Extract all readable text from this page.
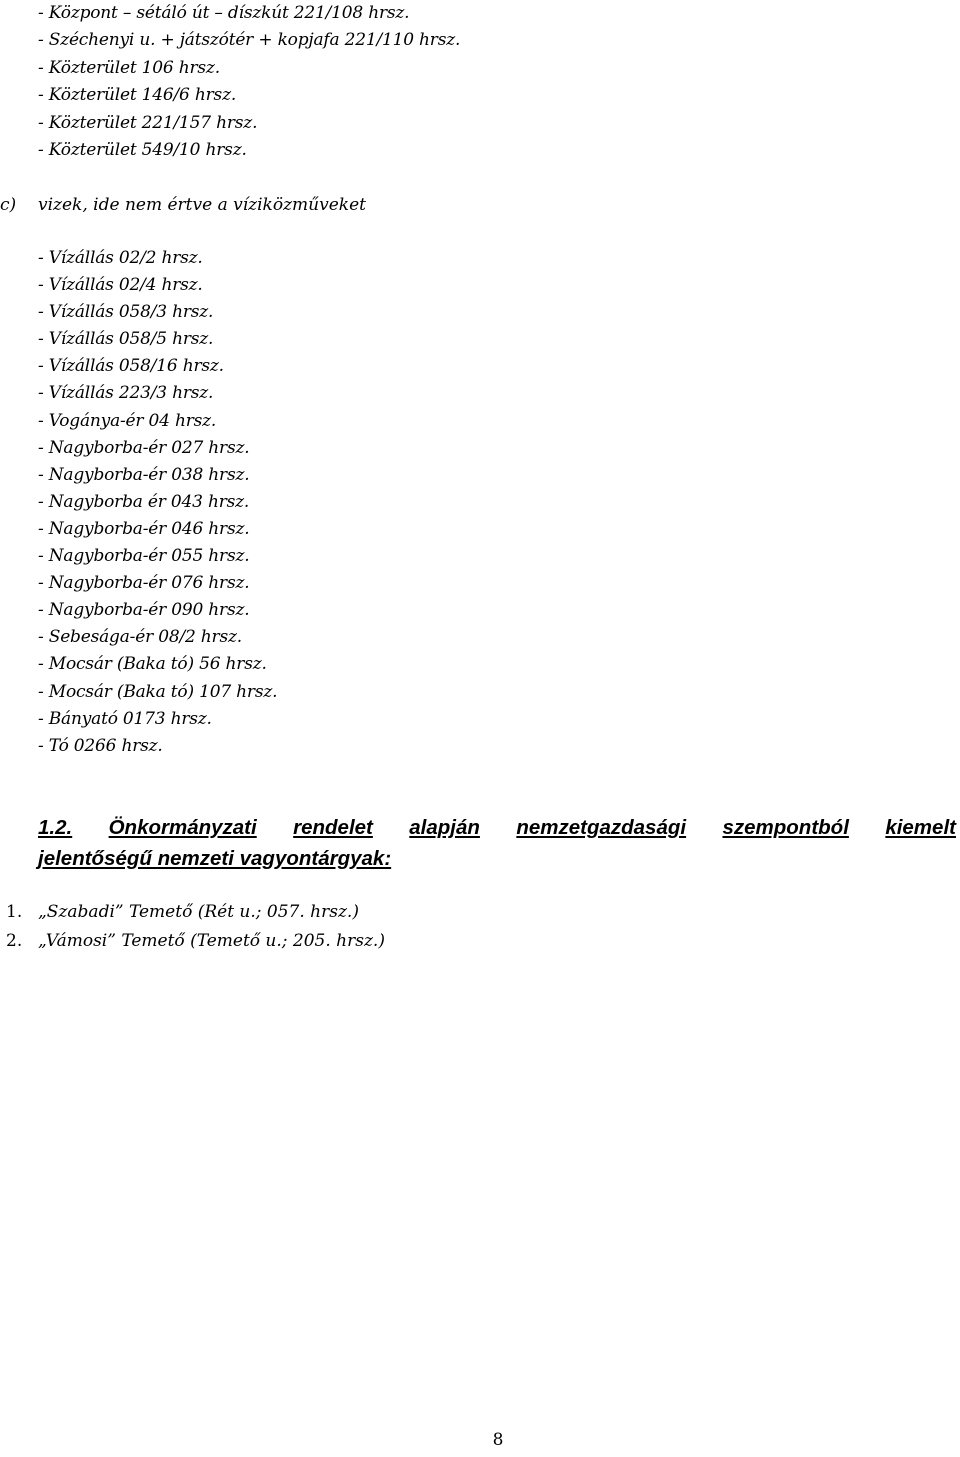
- Központ – sétáló út – díszkút 221/108 hrsz.
- Széchenyi u. + játszótér + kopjafa 221/110 hrsz.
- Közterület 106 hrsz.
- Közterület 146/6 hrsz.
- Közterület 221/157 hrsz.
- Közterület 549/10 hrsz.
c) vizek, ide nem értve a víziközműveket
- Vízállás 02/2 hrsz.
- Vízállás 02/4 hrsz.
- Vízállás 058/3 hrsz.
- Vízállás 058/5 hrsz.
- Vízállás 058/16 hrsz.
- Vízállás 223/3 hrsz.
- Vogánya-ér 04 hrsz.
- Nagyborba-ér 027 hrsz.
- Nagyborba-ér 038 hrsz.
- Nagyborba ér 043 hrsz.
- Nagyborba-ér 046 hrsz.
- Nagyborba-ér 055 hrsz.
- Nagyborba-ér 076 hrsz.
- Nagyborba-ér 090 hrsz.
- Sebesága-ér 08/2 hrsz.
- Mocsár (Baka tó) 56 hrsz.
- Mocsár (Baka tó) 107 hrsz.
- Bányató 0173 hrsz.
- Tó 0266 hrsz.
1.2. Önkormányzati rendelet alapján nemzetgazdasági szempontból kiemelt
jelentőségű nemzeti vagyontárgyak:
1. „Szabadi” Temető (Rét u.; 057. hrsz.)
2. „Vámosi” Temető (Temető u.; 205. hrsz.)
8
